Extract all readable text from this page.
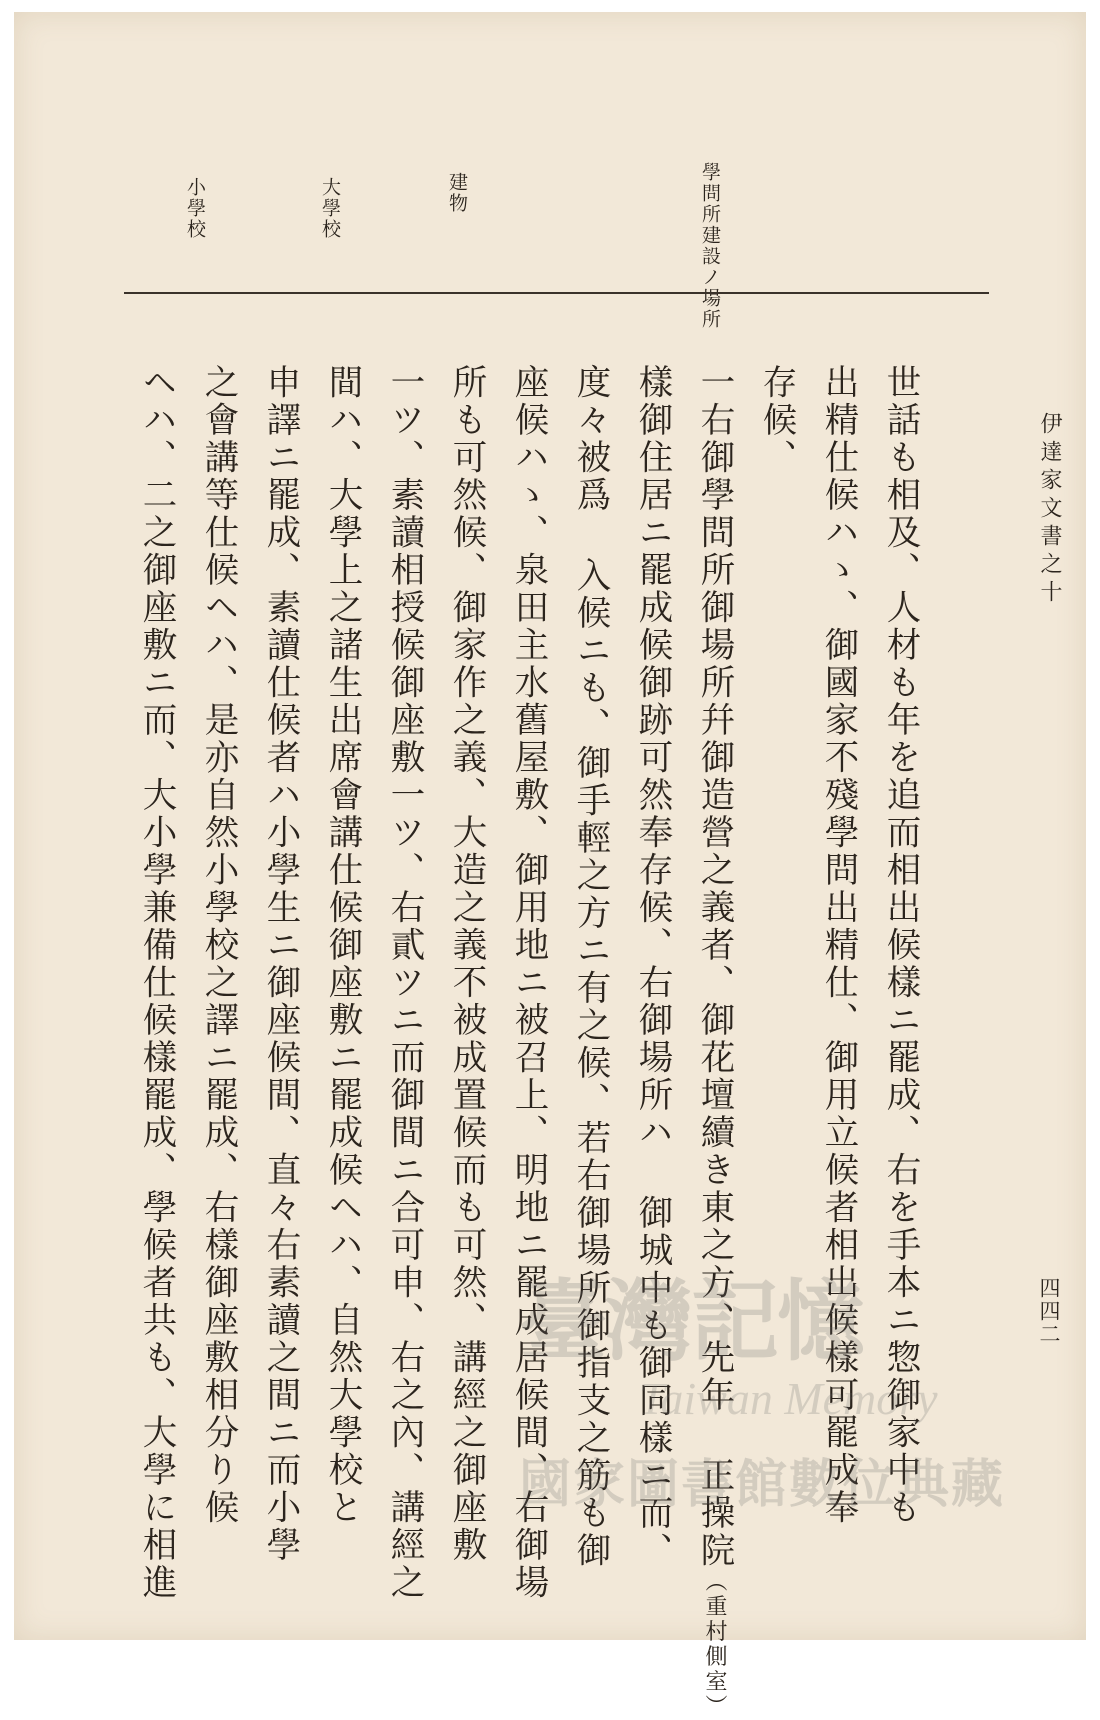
伊達家文書之十
四四二
學問所建設ノ場所
建物
大學校
小學校
世話も相及、人材も年を追而相出候樣ニ罷成、右を手本ニ惣御家中も
出精仕候ハゝ、御國家不殘學問出精仕、御用立候者相出候樣可罷成奉
存候、
一右御學問所御場所幷御造營之義者、御花壇續き東之方、先年 正操院（重村側室）
樣御住居ニ罷成候御跡可然奉存候、右御場所ハ 御城中も御同樣ニ而、
度々被爲 入候ニも、御手輕之方ニ有之候、若右御場所御指支之筋も御
座候ハゝ、泉田主水舊屋敷、御用地ニ被召上、明地ニ罷成居候間、右御場
所も可然候、御家作之義、大造之義不被成置候而も可然、講經之御座敷
一ツ、素讀相授候御座敷一ツ、右貳ツニ而御間ニ合可申、右之內、講經之
間ハ、大學上之諸生出席會講仕候御座敷ニ罷成候ヘハ、自然大學校と
申譯ニ罷成、素讀仕候者ハ小學生ニ御座候間、直々右素讀之間ニ而小學
之會講等仕候ヘハ、是亦自然小學校之譯ニ罷成、右樣御座敷相分り候
ヘハ、二之御座敷ニ而、大小學兼備仕候樣罷成、學候者共も、大學に相進	臺灣記憶
Taiwan Memory
國家圖書館數位典藏
